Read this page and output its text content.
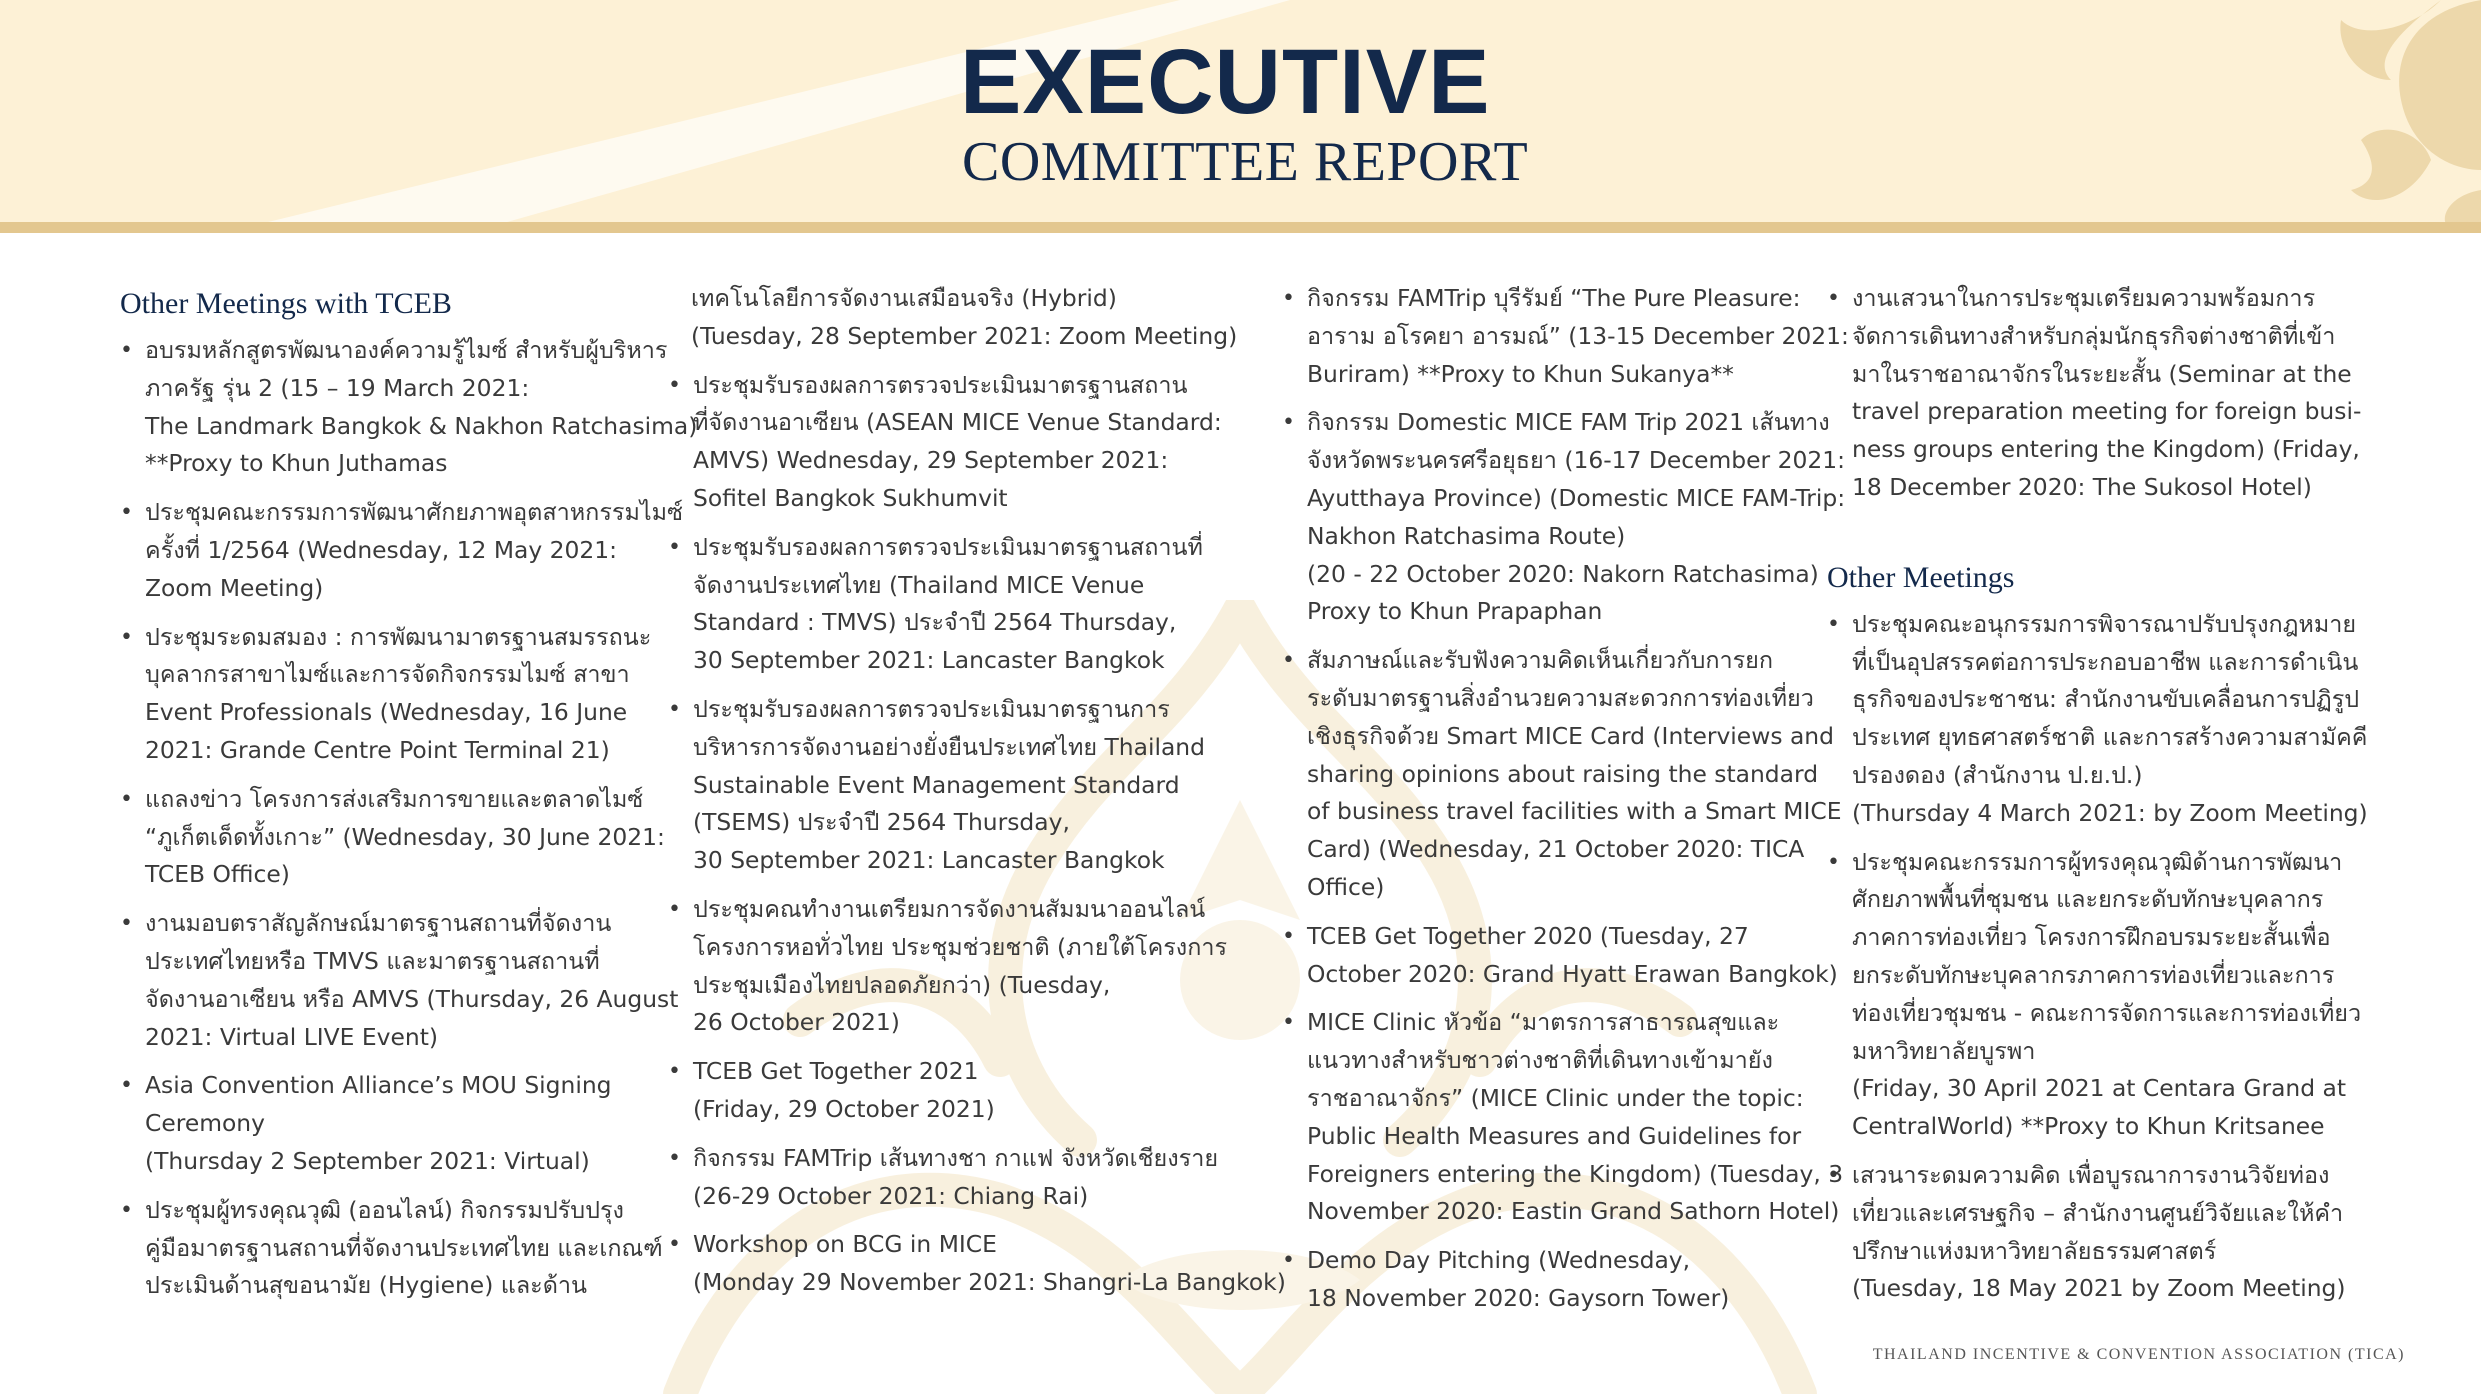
EXECUTIVE
COMMITTEE REPORT
Other Meetings with TCEB
• อบรมหลักสูตรพัฒนาองค์ความรู้ไมซ์ สำหรับผู้บริหาร
ภาครัฐ รุ่น 2 (15 – 19 March 2021:
The Landmark Bangkok & Nakhon Ratchasima)
**Proxy to Khun Juthamas
• ประชุมคณะกรรมการพัฒนาศักยภาพอุตสาหกรรมไมซ์
ครั้งที่ 1/2564 (Wednesday, 12 May 2021:
Zoom Meeting)
• ประชุมระดมสมอง : การพัฒนามาตรฐานสมรรถนะ
บุคลากรสาขาไมซ์และการจัดกิจกรรมไมซ์ สาขา
Event Professionals (Wednesday, 16 June
2021: Grande Centre Point Terminal 21)
• แถลงข่าว โครงการส่งเสริมการขายและตลาดไมซ์
“ภูเก็ตเด็ดทั้งเกาะ” (Wednesday, 30 June 2021:
TCEB Office)
• งานมอบตราสัญลักษณ์มาตรฐานสถานที่จัดงาน
ประเทศไทยหรือ TMVS และมาตรฐานสถานที่
จัดงานอาเซียน หรือ AMVS (Thursday, 26 August
2021: Virtual LIVE Event)
• Asia Convention Alliance’s MOU Signing
Ceremony
(Thursday 2 September 2021: Virtual)
• ประชุมผู้ทรงคุณวุฒิ (ออนไลน์) กิจกรรมปรับปรุง
คู่มือมาตรฐานสถานที่จัดงานประเทศไทย และเกณฑ์
ประเมินด้านสุขอนามัย (Hygiene) และด้าน
เทคโนโลยีการจัดงานเสมือนจริง (Hybrid)
(Tuesday, 28 September 2021: Zoom Meeting)
• ประชุมรับรองผลการตรวจประเมินมาตรฐานสถาน
ที่จัดงานอาเซียน (ASEAN MICE Venue Standard:
AMVS) Wednesday, 29 September 2021:
Sofitel Bangkok Sukhumvit
• ประชุมรับรองผลการตรวจประเมินมาตรฐานสถานที่
จัดงานประเทศไทย (Thailand MICE Venue
Standard : TMVS) ประจำปี 2564 Thursday,
30 September 2021: Lancaster Bangkok
• ประชุมรับรองผลการตรวจประเมินมาตรฐานการ
บริหารการจัดงานอย่างยั่งยืนประเทศไทย Thailand
Sustainable Event Management Standard
(TSEMS) ประจำปี 2564 Thursday,
30 September 2021: Lancaster Bangkok
• ประชุมคณทำงานเตรียมการจัดงานสัมมนาออนไลน์
โครงการหอทั่วไทย ประชุมช่วยชาติ (ภายใต้โครงการ
ประชุมเมืองไทยปลอดภัยกว่า) (Tuesday,
26 October 2021)
• TCEB Get Together 2021
(Friday, 29 October 2021)
• กิจกรรม FAMTrip เส้นทางชา กาแฟ จังหวัดเชียงราย
(26-29 October 2021: Chiang Rai)
• Workshop on BCG in MICE
(Monday 29 November 2021: Shangri-La Bangkok)
• กิจกรรม FAMTrip บุรีรัมย์ “The Pure Pleasure:
อาราม อโรคยา อารมณ์” (13-15 December 2021:
Buriram) **Proxy to Khun Sukanya**
• กิจกรรม Domestic MICE FAM Trip 2021 เส้นทาง
จังหวัดพระนครศรีอยุธยา (16-17 December 2021:
Ayutthaya Province) (Domestic MICE FAM-Trip:
Nakhon Ratchasima Route)
(20 - 22 October 2020: Nakorn Ratchasima)
Proxy to Khun Prapaphan
• สัมภาษณ์และรับฟังความคิดเห็นเกี่ยวกับการยก
ระดับมาตรฐานสิ่งอำนวยความสะดวกการท่องเที่ยว
เชิงธุรกิจด้วย Smart MICE Card (Interviews and
sharing opinions about raising the standard
of business travel facilities with a Smart MICE
Card) (Wednesday, 21 October 2020: TICA
Office)
• TCEB Get Together 2020 (Tuesday, 27
October 2020: Grand Hyatt Erawan Bangkok)
• MICE Clinic หัวข้อ “มาตรการสาธารณสุขและ
แนวทางสำหรับชาวต่างชาติที่เดินทางเข้ามายัง
ราชอาณาจักร” (MICE Clinic under the topic:
Public Health Measures and Guidelines for
Foreigners entering the Kingdom) (Tuesday, 3
November 2020: Eastin Grand Sathorn Hotel)
• Demo Day Pitching (Wednesday,
18 November 2020: Gaysorn Tower)
• งานเสวนาในการประชุมเตรียมความพร้อมการ
จัดการเดินทางสำหรับกลุ่มนักธุรกิจต่างชาติที่เข้า
มาในราชอาณาจักรในระยะสั้น (Seminar at the
travel preparation meeting for foreign busi-
ness groups entering the Kingdom) (Friday,
18 December 2020: The Sukosol Hotel)
Other Meetings
• ประชุมคณะอนุกรรมการพิจารณาปรับปรุงกฎหมาย
ที่เป็นอุปสรรคต่อการประกอบอาชีพ และการดำเนิน
ธุรกิจของประชาชน: สำนักงานขับเคลื่อนการปฏิรูป
ประเทศ ยุทธศาสตร์ชาติ และการสร้างความสามัคคี
ปรองดอง (สำนักงาน ป.ย.ป.)
(Thursday 4 March 2021: by Zoom Meeting)
• ประชุมคณะกรรมการผู้ทรงคุณวุฒิด้านการพัฒนา
ศักยภาพพื้นที่ชุมชน และยกระดับทักษะบุคลากร
ภาคการท่องเที่ยว โครงการฝึกอบรมระยะสั้นเพื่อ
ยกระดับทักษะบุคลากรภาคการท่องเที่ยวและการ
ท่องเที่ยวชุมชน - คณะการจัดการและการท่องเที่ยว
มหาวิทยาลัยบูรพา
(Friday, 30 April 2021 at Centara Grand at
CentralWorld) **Proxy to Khun Kritsanee
• เสวนาระดมความคิด เพื่อบูรณาการงานวิจัยท่อง
เที่ยวและเศรษฐกิจ – สำนักงานศูนย์วิจัยและให้คำ
ปรึกษาแห่งมหาวิทยาลัยธรรมศาสตร์
(Tuesday, 18 May 2021 by Zoom Meeting)
THAILAND INCENTIVE & CONVENTION ASSOCIATION (TICA)
